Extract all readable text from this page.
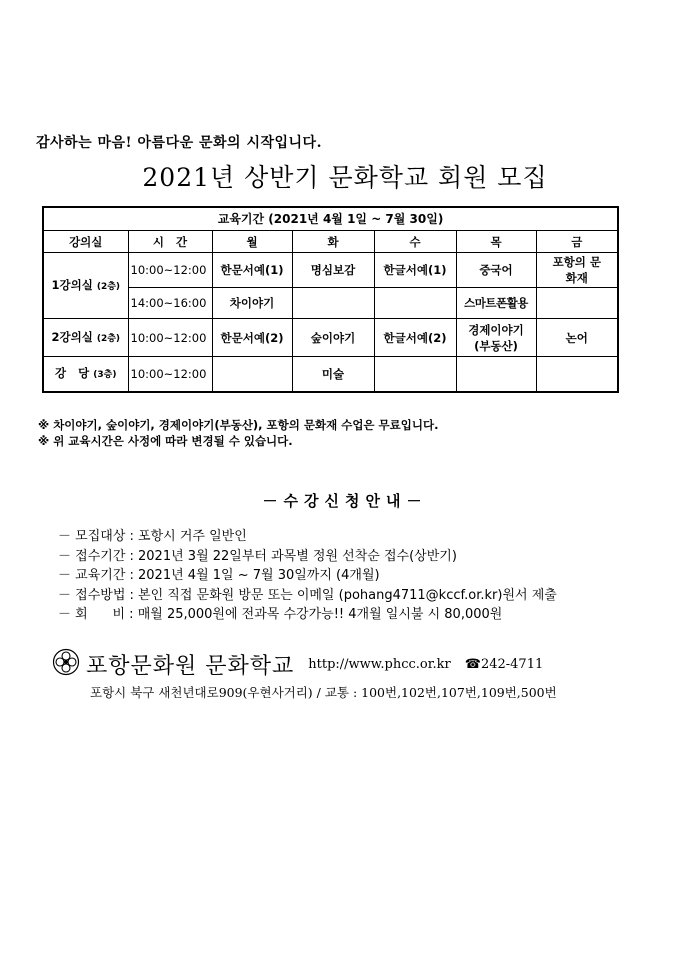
감사하는 마음! 아름다운 문화의 시작입니다.
2021년 상반기 문화학교 회원 모집
교육기간 (2021년 4월 1일 ~ 7월 30일)						
강의실	시   간	월	화	수	목	금
1강의실 (2층)	10:00~12:00	한문서예(1)	명심보감	한글서예(1)	중국어	포항의 문화재
	14:00~16:00	차이야기			스마트폰활용	
2강의실 (2층)	10:00~12:00	한문서예(2)	숲이야기	한글서예(2)	경제이야기 (부동산)	논어
강   당 (3층)	10:00~12:00		미술			
※ 차이야기, 숲이야기, 경제이야기(부동산), 포항의 문화재 수업은 무료입니다.
※ 위 교육시간은 사정에 따라 변경될 수 있습니다.
－수강신청안내－
－ 모집대상 : 포항시 거주 일반인
－ 접수기간 : 2021년 3월 22일부터 과목별 정원 선착순 접수(상반기)
－ 교육기간 : 2021년 4월 1일 ~ 7월 30일까지 (4개월)
－ 접수방법 : 본인 직접 문화원 방문 또는 이메일 (pohang4711@kccf.or.kr)원서 제출
－ 회      비 : 매월 25,000원에 전과목 수강가능!! 4개월 일시불 시 80,000원
포항문화원 문화학교 http://www.phcc.or.kr ☎242-4711
포항시 북구 새천년대로909(우현사거리) / 교통 : 100번,102번,107번,109번,500번
